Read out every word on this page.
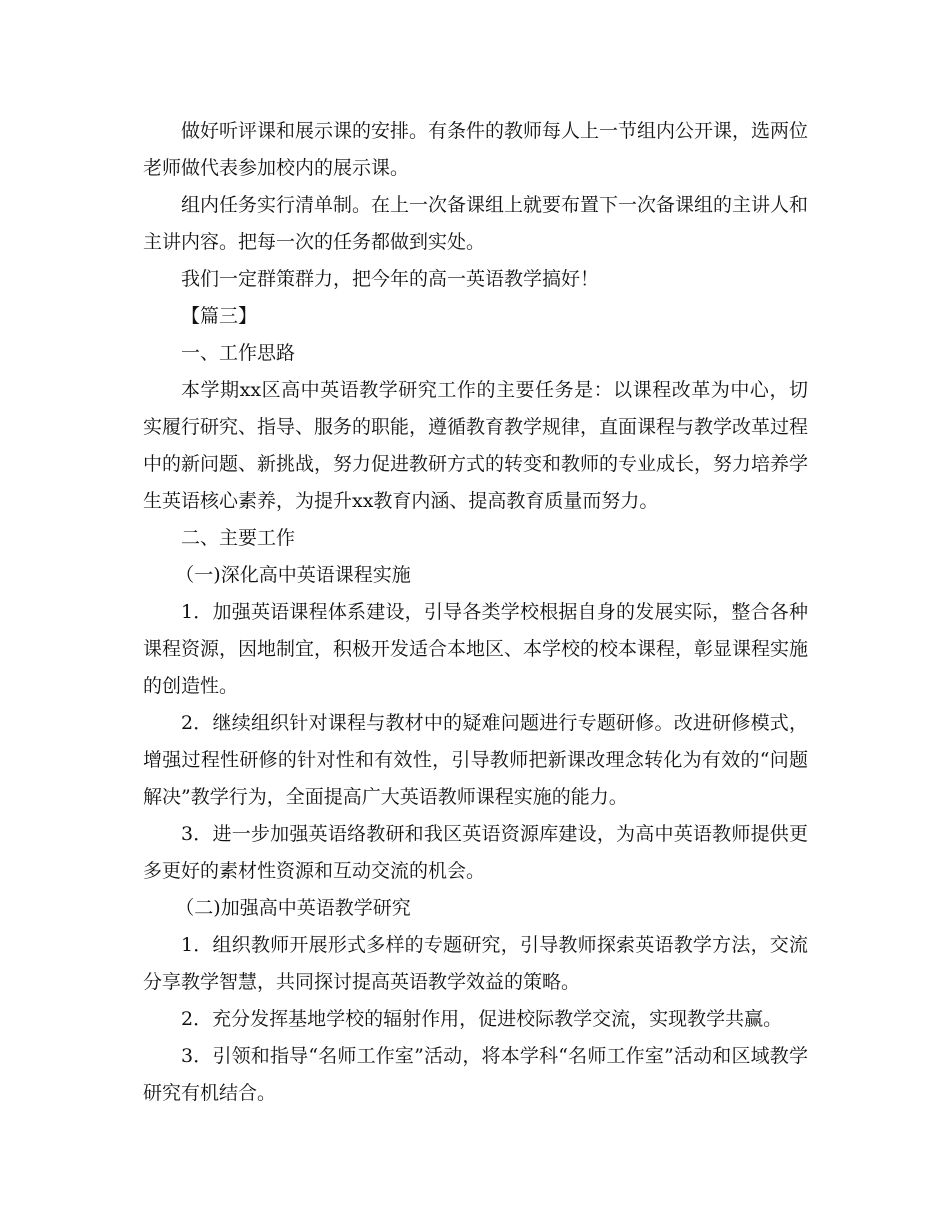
做好听评课和展示课的安排。有条件的教师每人上一节组内公开课，选两位老师做代表参加校内的展示课。

组内任务实行清单制。在上一次备课组上就要布置下一次备课组的主讲人和主讲内容。把每一次的任务都做到实处。

我们一定群策群力，把今年的高一英语教学搞好！

【篇三】

一、工作思路

本学期xx区高中英语教学研究工作的主要任务是：以课程改革为中心，切实履行研究、指导、服务的职能，遵循教育教学规律，直面课程与教学改革过程中的新问题、新挑战，努力促进教研方式的转变和教师的专业成长，努力培养学生英语核心素养，为提升xx教育内涵、提高教育质量而努力。

二、主要工作

（一)深化高中英语课程实施

1．加强英语课程体系建设，引导各类学校根据自身的发展实际，整合各种课程资源，因地制宜，积极开发适合本地区、本学校的校本课程，彰显课程实施的创造性。

2．继续组织针对课程与教材中的疑难问题进行专题研修。改进研修模式，增强过程性研修的针对性和有效性，引导教师把新课改理念转化为有效的“问题解决”教学行为，全面提高广大英语教师课程实施的能力。

3．进一步加强英语络教研和我区英语资源库建设，为高中英语教师提供更多更好的素材性资源和互动交流的机会。

（二)加强高中英语教学研究

1．组织教师开展形式多样的专题研究，引导教师探索英语教学方法，交流分享教学智慧，共同探讨提高英语教学效益的策略。

2．充分发挥基地学校的辐射作用，促进校际教学交流，实现教学共赢。

3．引领和指导“名师工作室”活动，将本学科“名师工作室”活动和区域教学研究有机结合。
